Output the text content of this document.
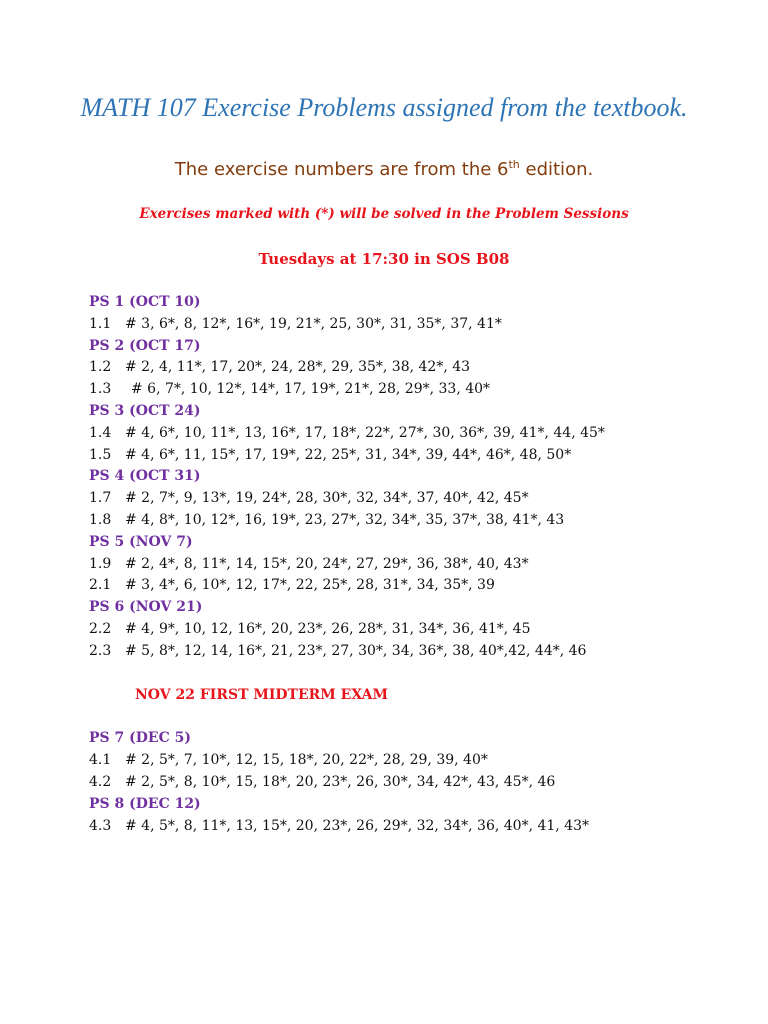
MATH 107 Exercise Problems assigned from the textbook.
The exercise numbers are from the 6th edition.
Exercises marked with (*) will be solved in the Problem Sessions
Tuesdays at 17:30 in SOS B08
PS 1 (OCT 10)
1.1 # 3, 6*, 8, 12*, 16*, 19, 21*, 25, 30*, 31, 35*, 37, 41*
PS 2 (OCT 17)
1.2 # 2, 4, 11*, 17, 20*, 24, 28*, 29, 35*, 38, 42*, 43
1.3 # 6, 7*, 10, 12*, 14*, 17, 19*, 21*, 28, 29*, 33, 40*
PS 3 (OCT 24)
1.4 # 4, 6*, 10, 11*, 13, 16*, 17, 18*, 22*, 27*, 30, 36*, 39, 41*, 44, 45*
1.5 # 4, 6*, 11, 15*, 17, 19*, 22, 25*, 31, 34*, 39, 44*, 46*, 48, 50*
PS 4 (OCT 31)
1.7 # 2, 7*, 9, 13*, 19, 24*, 28, 30*, 32, 34*, 37, 40*, 42, 45*
1.8 # 4, 8*, 10, 12*, 16, 19*, 23, 27*, 32, 34*, 35, 37*, 38, 41*, 43
PS 5 (NOV 7)
1.9 # 2, 4*, 8, 11*, 14, 15*, 20, 24*, 27, 29*, 36, 38*, 40, 43*
2.1 # 3, 4*, 6, 10*, 12, 17*, 22, 25*, 28, 31*, 34, 35*, 39
PS 6 (NOV 21)
2.2 # 4, 9*, 10, 12, 16*, 20, 23*, 26, 28*, 31, 34*, 36, 41*, 45
2.3 # 5, 8*, 12, 14, 16*, 21, 23*, 27, 30*, 34, 36*, 38, 40*,42, 44*, 46
NOV 22 FIRST MIDTERM EXAM
PS 7 (DEC 5)
4.1 # 2, 5*, 7, 10*, 12, 15, 18*, 20, 22*, 28, 29, 39, 40*
4.2 # 2, 5*, 8, 10*, 15, 18*, 20, 23*, 26, 30*, 34, 42*, 43, 45*, 46
PS 8 (DEC 12)
4.3 # 4, 5*, 8, 11*, 13, 15*, 20, 23*, 26, 29*, 32, 34*, 36, 40*, 41, 43*
